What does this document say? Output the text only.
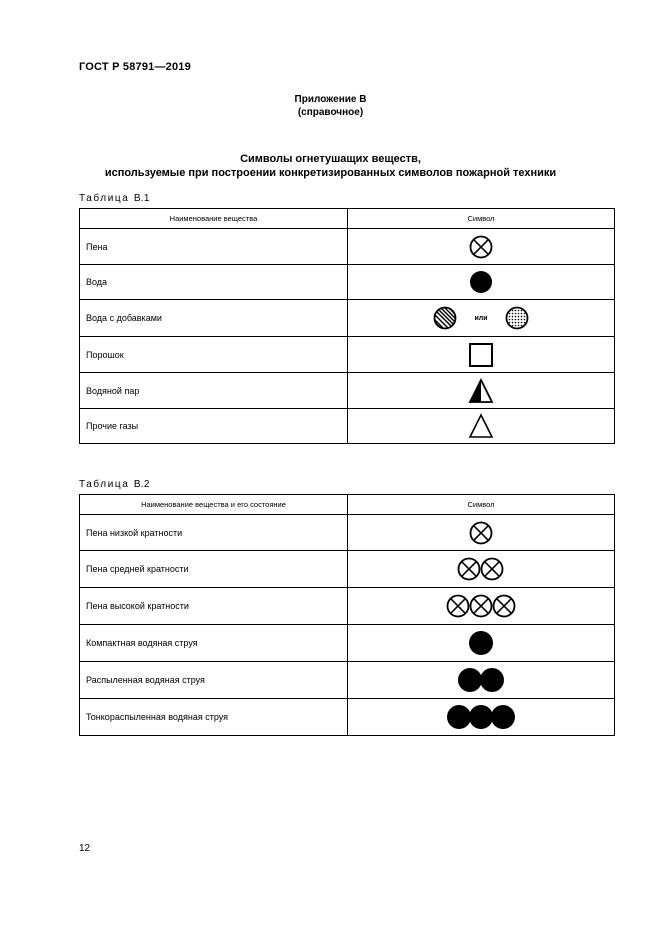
ГОСТ Р 58791—2019
Приложение В
(справочное)
Символы огнетушащих веществ,
используемые при построении конкретизированных символов пожарной техники
Таблица В.1
Наименование вещества	Символ
Пена	
Вода	
Вода с добавками	или
Порошок	
Водяной пар	
Прочие газы	
Таблица В.2
Наименование вещества и его состояние	Символ
Пена низкой кратности	
Пена средней кратности	
Пена высокой кратности	
Компактная водяная струя	
Распыленная водяная струя	
Тонкораспыленная водяная струя	
12
